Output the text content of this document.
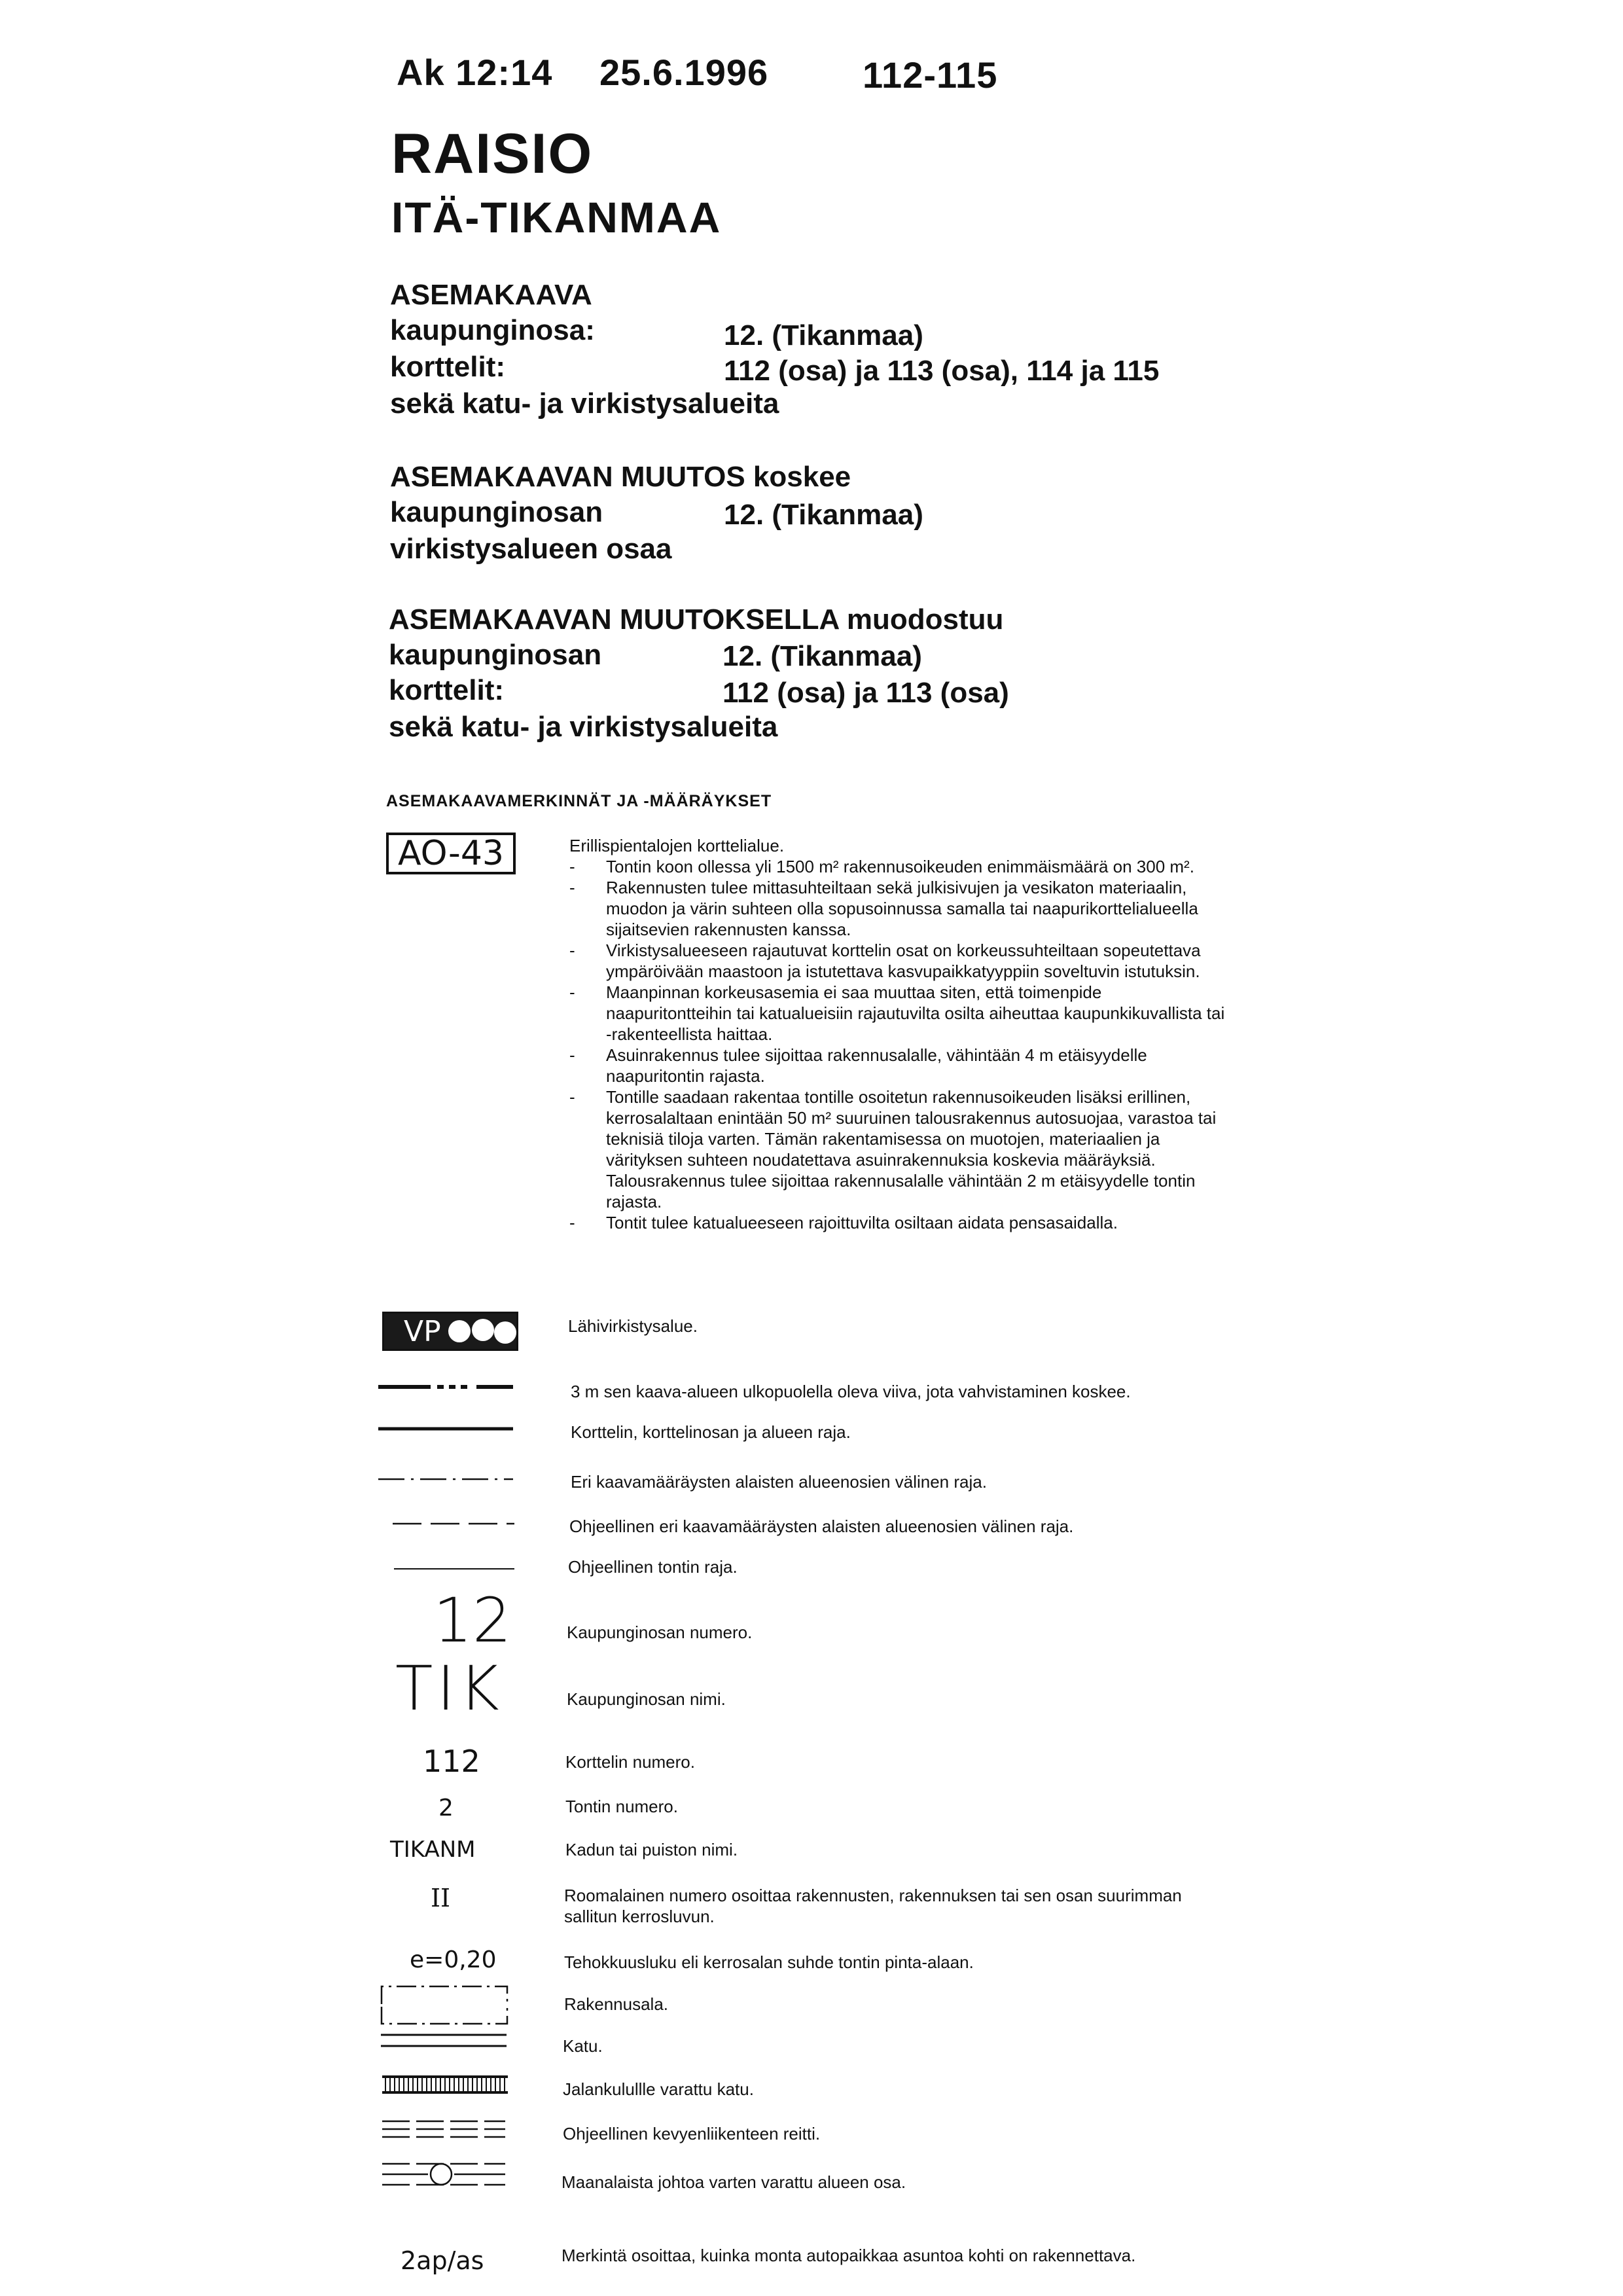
Ak 12:14 25.6.1996	112-115
RAISIO
ITÄ-TIKANMAA
ASEMAKAAVA
kaupunginosa:	12. (Tikanmaa)
korttelit:	112 (osa) ja 113 (osa), 114 ja 115
sekä katu- ja virkistysalueita
ASEMAKAAVAN MUUTOS koskee
kaupunginosan	12. (Tikanmaa)
virkistysalueen osaa
ASEMAKAAVAN MUUTOKSELLA muodostuu
kaupunginosan	12. (Tikanmaa)
korttelit:	112 (osa) ja 113 (osa)
sekä katu- ja virkistysalueita
ASEMAKAAVAMERKINNÄT JA -MÄÄRÄYKSET
AO-43	Erillispientalojen korttelialue.
- Tontin koon ollessa yli 1500 m² rakennusoikeuden enimmäismäärä on 300 m².
- Rakennusten tulee mittasuhteiltaan sekä julkisivujen ja vesikaton materiaalin, muodon ja värin suhteen olla sopusoinnussa samalla tai naapurikorttelialueella sijaitsevien rakennusten kanssa.
- Virkistysalueeseen rajautuvat korttelin osat on korkeussuhteiltaan sopeutettava ympäröivään maastoon ja istutettava kasvupaikkatyyppiin soveltuvin istutuksin.
- Maanpinnan korkeusasemia ei saa muuttaa siten, että toimenpide naapuritontteihin tai katualueisiin rajautuvilta osilta aiheuttaa kaupunkikuvallista tai -rakenteellista haittaa.
- Asuinrakennus tulee sijoittaa rakennusalalle, vähintään 4 m etäisyydelle naapuritontin rajasta.
- Tontille saadaan rakentaa tontille osoitetun rakennusoikeuden lisäksi erillinen, kerrosalaltaan enintään 50 m² suuruinen talousrakennus autosuojaa, varastoa tai teknisiä tiloja varten. Tämän rakentamisessa on muotojen, materiaalien ja värityksen suhteen noudatettava asuinrakennuksia koskevia määräyksiä. Talousrakennus tulee sijoittaa rakennusalalle vähintään 2 m etäisyydelle tontin rajasta.
- Tontit tulee katualueeseen rajoittuvilta osiltaan aidata pensasaidalla.
VP	Lähivirkistysalue.
3 m sen kaava-alueen ulkopuolella oleva viiva, jota vahvistaminen koskee.
Korttelin, korttelinosan ja alueen raja.
Eri kaavamääräysten alaisten alueenosien välinen raja.
Ohjeellinen eri kaavamääräysten alaisten alueenosien välinen raja.
Ohjeellinen tontin raja.
12	Kaupunginosan numero.
TIK	Kaupunginosan nimi.
112	Korttelin numero.
2	Tontin numero.
TIKANM	Kadun tai puiston nimi.
II	Roomalainen numero osoittaa rakennusten, rakennuksen tai sen osan suurimman sallitun kerrosluvun.
e=0,20	Tehokkuusluku eli kerrosalan suhde tontin pinta-alaan.
Rakennusala.
Katu.
Jalankulullle varattu katu.
Ohjeellinen kevyenliikenteen reitti.
Maanalaista johtoa varten varattu alueen osa.
2ap/as	Merkintä osoittaa, kuinka monta autopaikkaa asuntoa kohti on rakennettava.
